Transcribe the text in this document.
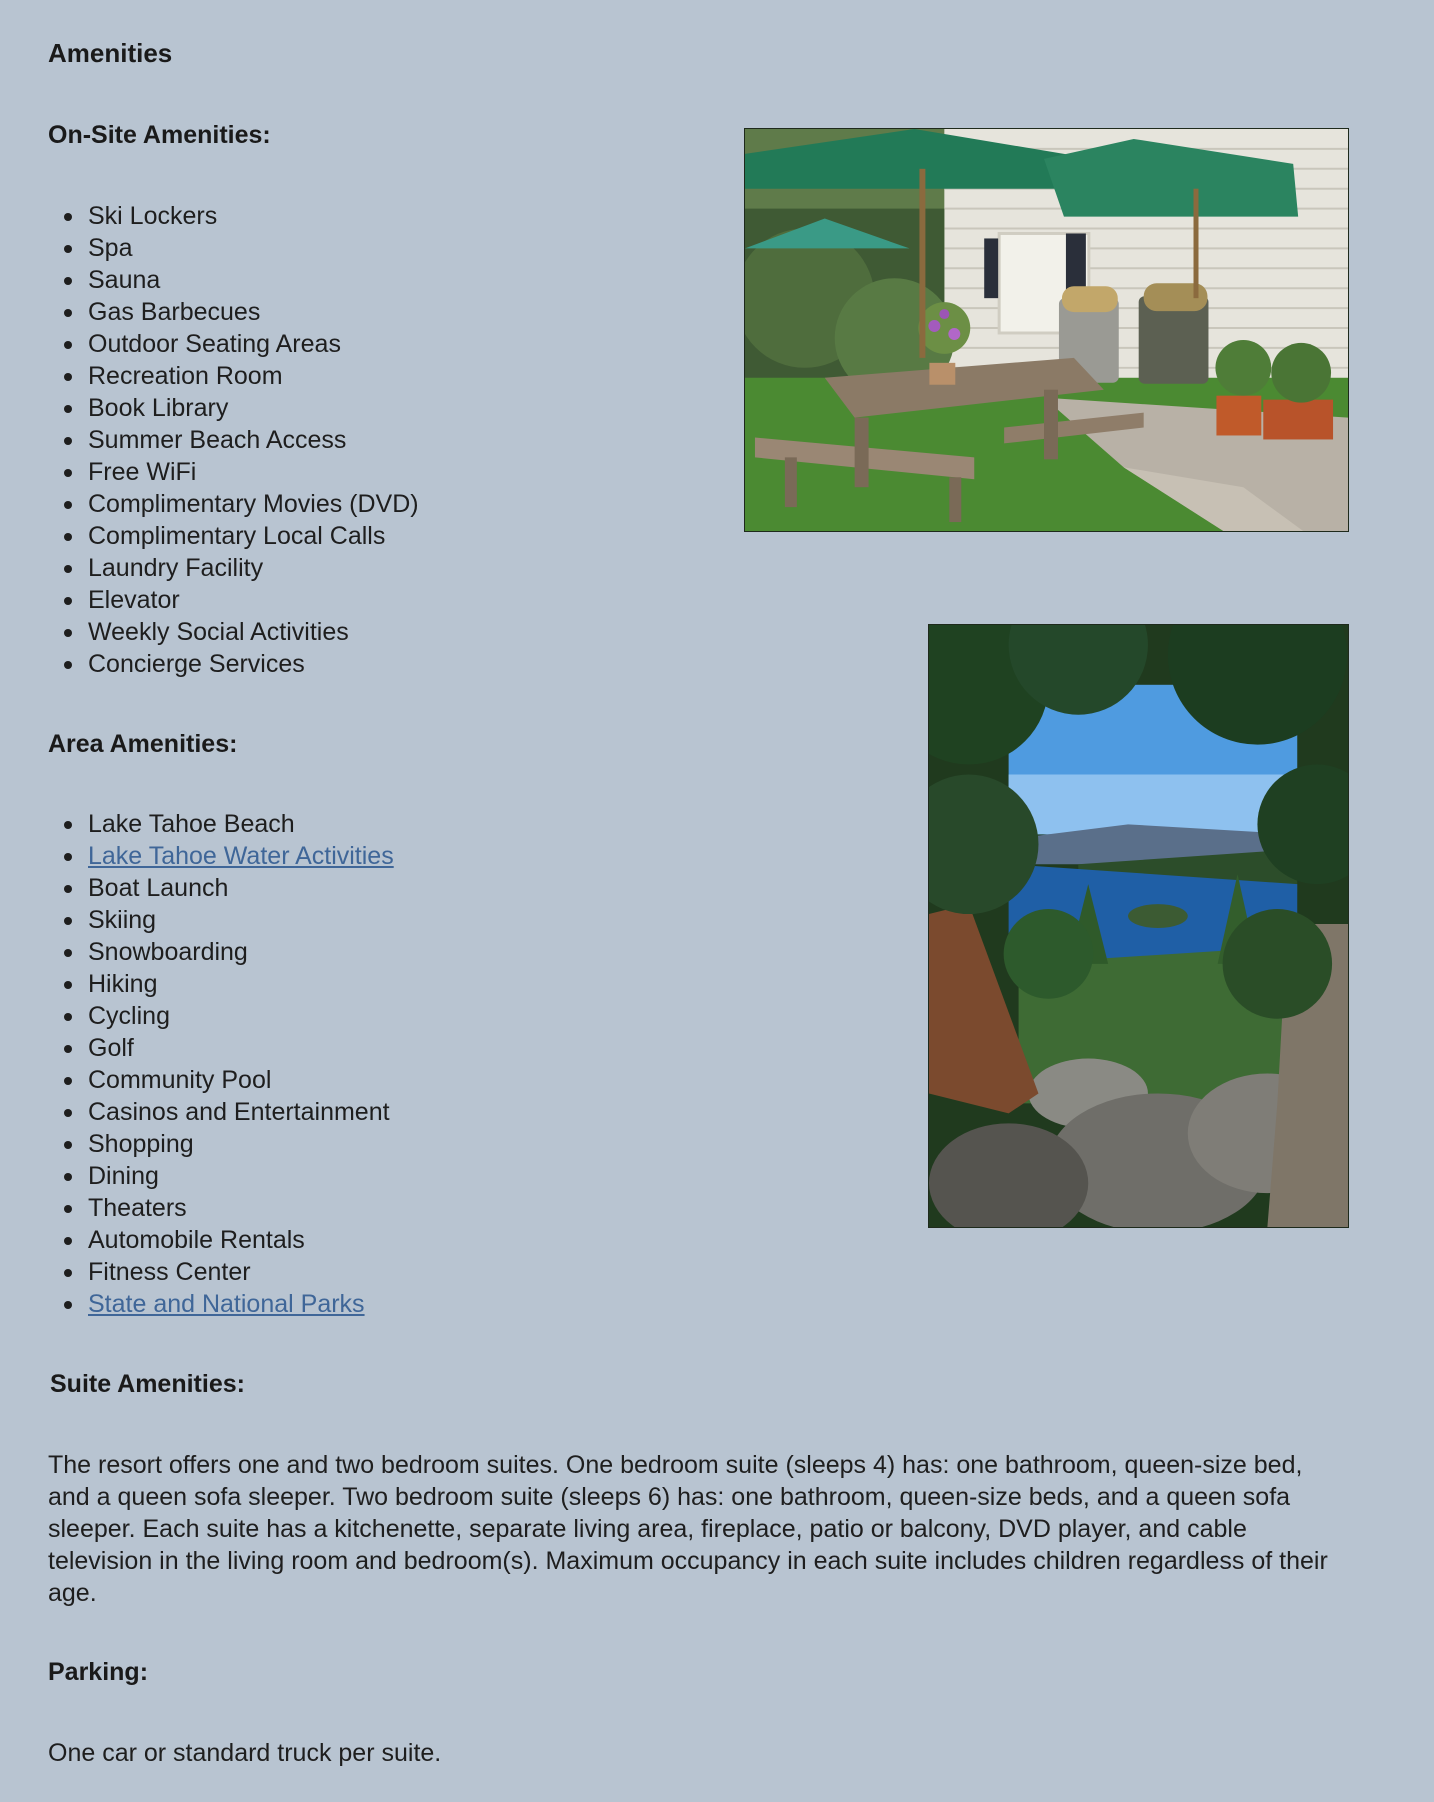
Amenities
On-Site Amenities:
Ski Lockers
Spa
Sauna
Gas Barbecues
Outdoor Seating Areas
Recreation Room
Book Library
Summer Beach Access
Free WiFi
Complimentary Movies (DVD)
Complimentary Local Calls
Laundry Facility
Elevator
Weekly Social Activities
Concierge Services
Area Amenities:
Lake Tahoe Beach
Lake Tahoe Water Activities
Boat Launch
Skiing
Snowboarding
Hiking
Cycling
Golf
Community Pool
Casinos and Entertainment
Shopping
Dining
Theaters
Automobile Rentals
Fitness Center
State and National Parks
Suite Amenities:

The resort offers one and two bedroom suites. One bedroom suite (sleeps 4) has: one bathroom, queen-size bed, and a queen sofa sleeper. Two bedroom suite (sleeps 6) has: one bathroom, queen-size beds, and a queen sofa sleeper. Each suite has a kitchenette, separate living area, fireplace, patio or balcony, DVD player, and cable television in the living room and bedroom(s). Maximum occupancy in each suite includes children regardless of their age.

Parking:

One car or standard truck per suite.
